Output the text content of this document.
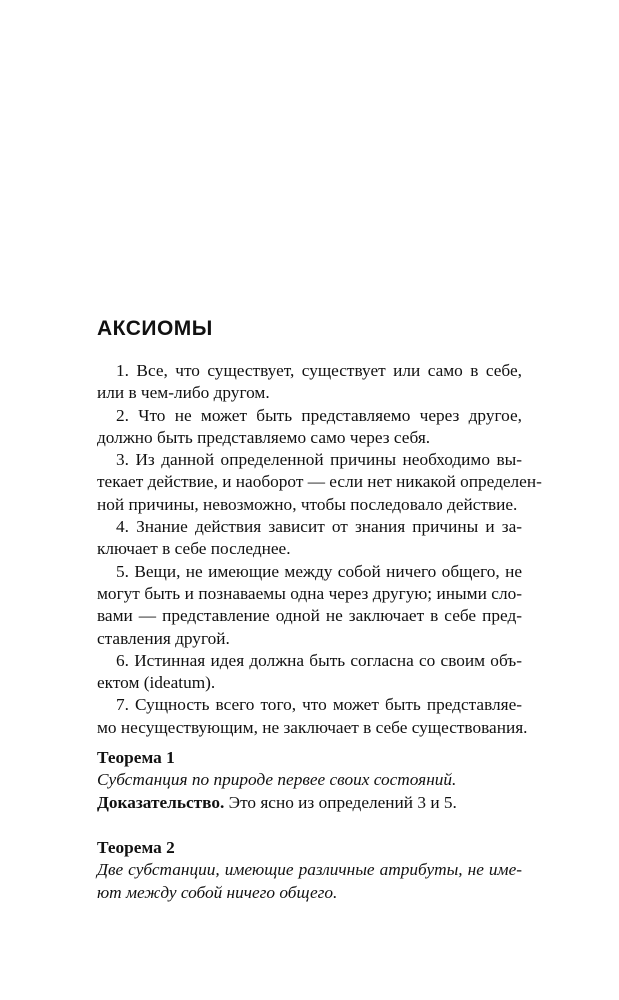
АКСИОМЫ
1. Все, что существует, существует или само в себе,
или в чем-либо другом.
2. Что не может быть представляемо через другое,
должно быть представляемо само через себя.
3. Из данной определенной причины необходимо вы-
текает действие, и наоборот — если нет никакой определен-
ной причины, невозможно, чтобы последовало действие.
4. Знание действия зависит от знания причины и за-
ключает в себе последнее.
5. Вещи, не имеющие между собой ничего общего, не
могут быть и познаваемы одна через другую; иными сло-
вами — представление одной не заключает в себе пред-
ставления другой.
6. Истинная идея должна быть согласна со своим объ-
ектом (ideatum).
7. Сущность всего того, что может быть представляе-
мо несуществующим, не заключает в себе существования.
Теорема 1
Субстанция по природе первее своих состояний.
Доказательство. Это ясно из определений 3 и 5.
Теорема 2
Две субстанции, имеющие различные атрибуты, не име-
ют между собой ничего общего.
